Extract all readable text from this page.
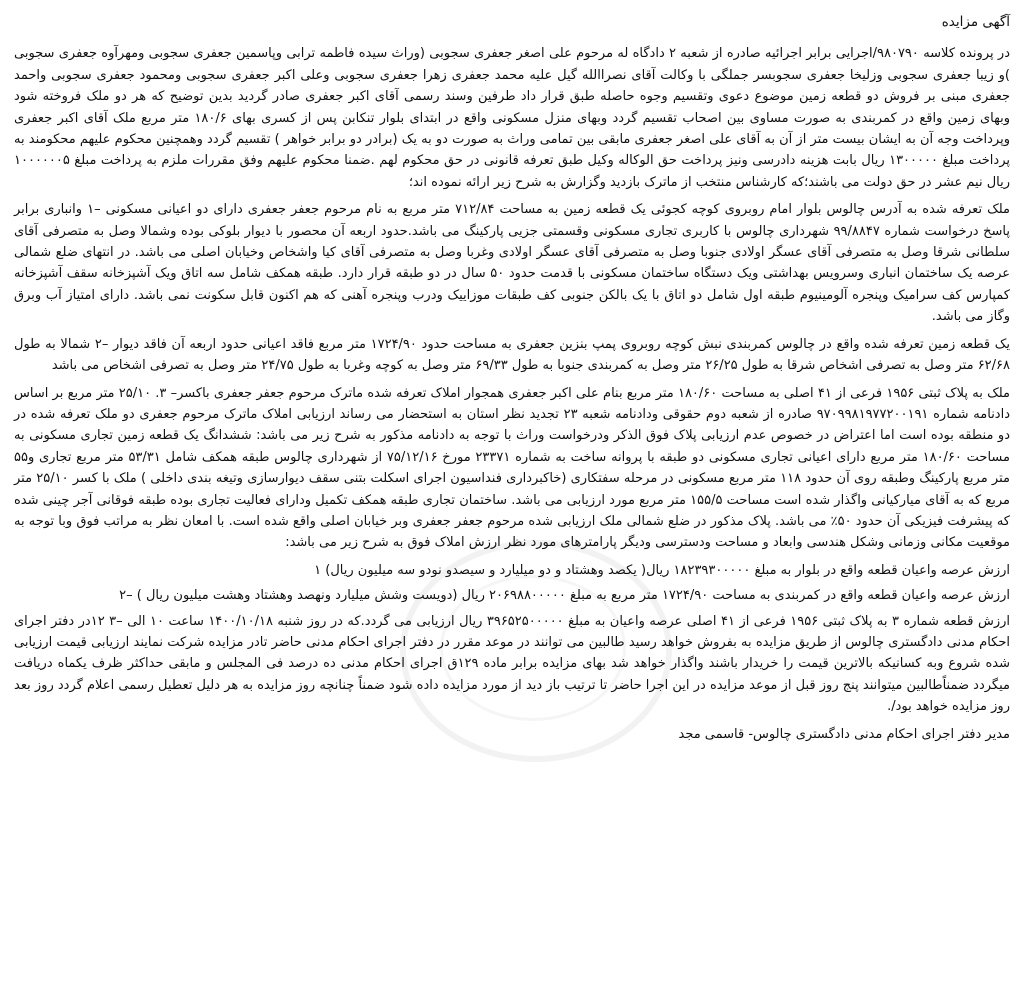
آگهی مزایده

در پرونده کلاسه ۹۸۰۷۹۰/اجرایی برابر اجرائیه صادره از شعبه ۲ دادگاه له مرحوم علی اصغر جعفری سجوبی (وراث سیده فاطمه ترابی وپاسمین جعفری سجوبی ومهرآوه جعفری سجوبی )و زیبا جعفری سجوبی وزلیخا جعفری سجوبسر جملگی با وکالت آقای نصراالله گیل علیه محمد جعفری زهرا جعفری سجوبی وعلی اکبر جعفری سجوبی ومحمود جعفری سجوبی واحمد جعفری مبنی بر فروش دو قطعه زمین موضوع دعوی وتقسیم وجوه حاصله طبق قرار داد طرفین وسند رسمی آقای اکبر جعفری صادر گردید بدین توضیح که هر دو ملک فروخته شود وبهای زمین واقع در کمربندی به صورت مساوی بین اصحاب تقسیم گردد وبهای منزل مسکونی واقع در ابتدای بلوار تنکابن پس از کسری بهای ۱۸۰/۶ متر مربع ملک آقای اکبر جعفری وپرداخت وجه آن به ایشان بیست متر از آن به آقای علی اصغر جعفری مابقی بین تمامی وراث به صورت دو به یک (برادر دو برابر خواهر ) تقسیم گردد وهمچنین محکوم علیهم محکومند به پرداخت مبلغ ۱۳۰۰۰۰۰ ریال بابت هزینه دادرسی ونیز پرداخت حق الوکاله وکیل طبق تعرفه قانونی در حق محکوم لهم .ضمنا محکوم علیهم وفق مقررات ملزم به پرداخت مبلغ ۱۰۰۰۰۰۰۵ ریال نیم عشر در حق دولت می باشند؛که کارشناس منتخب از ماترک بازدید وگزارش به شرح زیر ارائه نموده اند؛

ملک تعرفه شده به آدرس چالوس بلوار امام روبروی کوچه کجوئی یک قطعه زمین به مساحت ۷۱۲/۸۴ متر مربع به نام مرحوم جعفر جعفری دارای دو اعیانی مسکونی –۱ وانباری برابر پاسخ درخواست شماره ۹۹/۸۸۴۷ شهرداری چالوس با کاربری تجاری مسکونی وقسمتی جزیی پارکینگ می باشد.حدود اربعه آن محصور با دیوار بلوکی بوده وشمالا وصل به متصرفی آقای سلطانی شرقا وصل به متصرفی آقای عسگر اولادی جنوبا وصل به متصرفی آقای عسگر اولادی وغربا وصل به متصرفی آقای کیا واشخاص وخیابان اصلی می باشد. در انتهای ضلع شمالی عرصه یک ساختمان انباری وسرویس بهداشتی ویک دستگاه ساختمان مسکونی با قدمت حدود ۵۰ سال در دو طبقه قرار دارد. طبقه همکف شامل سه اتاق ویک آشپزخانه سقف آشپزخانه کمپارس کف سرامیک وپنجره آلومینیوم طبقه اول شامل دو اتاق با یک بالکن جنوبی کف طبقات موزاییک ودرب وپنجره آهنی که هم اکنون قابل سکونت نمی باشد. دارای امتیاز آب وبرق وگاز می باشد.

یک قطعه زمین تعرفه شده واقع در چالوس کمربندی نبش کوچه روبروی پمپ بنزین جعفری به مساحت حدود ۱۷۲۴/۹۰ متر مربع فاقد اعیانی حدود اربعه آن فاقد دیوار –۲ شمالا به طول ۶۲/۶۸ متر وصل به تصرفی اشخاص شرقا به طول ۲۶/۲۵ متر وصل به کمربندی جنوبا به طول ۶۹/۳۳ متر وصل به کوچه وغربا به طول ۲۴/۷۵ متر وصل به تصرفی اشخاص می باشد

ملک به پلاک ثبتی ۱۹۵۶ فرعی از ۴۱ اصلی به مساحت ۱۸۰/۶۰ متر مربع بنام علی اکبر جعفری همجوار املاک تعرفه شده ماترک مرحوم جعفر جعفری باکسر– ۳. ۲۵/۱۰ متر مربع بر اساس دادنامه شماره ۹۷۰۹۹۸۱۹۷۷۲۰۰۱۹۱ صادره از شعبه دوم حقوقی ودادنامه شعبه ۲۳ تجدید نظر استان به استحضار می رساند ارزیابی املاک ماترک مرحوم جعفری دو ملک تعرفه شده در دو منطقه بوده است اما اعتراض در خصوص عدم ارزیابی پلاک فوق الذکر ودرخواست وراث با توجه به دادنامه مذکور به شرح زیر می باشد: ششدانگ یک قطعه زمین تجاری مسکونی به مساحت ۱۸۰/۶۰ متر مربع دارای اعیانی تجاری مسکونی دو طبقه با پروانه ساخت به شماره ۲۳۳۷۱ مورخ ۷۵/۱۲/۱۶ از شهرداری چالوس طبقه همکف شامل ۵۳/۳۱ متر مربع تجاری و۵۵ متر مربع پارکینگ وطبقه روی آن حدود ۱۱۸ متر مربع مسکونی در مرحله سفتکاری (خاکبرداری فنداسیون اجرای اسکلت بتنی سقف دیوارسازی وتیغه بندی داخلی ) ملک با کسر ۲۵/۱۰ متر مربع که به آقای میارکیانی واگذار شده است مساحت ۱۵۵/۵ متر مربع مورد ارزیابی می باشد. ساختمان تجاری طبقه همکف تکمیل ودارای فعالیت تجاری بوده طبقه فوقانی آجر چینی شده که پیشرفت فیزیکی آن حدود ۵۰٪ می باشد. پلاک مذکور در ضلع شمالی ملک ارزیابی شده مرحوم جعفر جعفری وبر خیابان اصلی واقع شده است. با امعان نظر به مراتب فوق وبا توجه به موقعیت مکانی وزمانی وشکل هندسی وابعاد و مساحت ودسترسی ودیگر پارامترهای مورد نظر ارزش املاک فوق به شرح زیر می باشد:

ارزش عرصه واعیان قطعه واقع در بلوار به مبلغ ۱۸۲۳۹۳۰۰۰۰۰ ریال( یکصد وهشتاد و دو میلیارد و سیصدو نودو سه میلیون ریال) ۱

ارزش عرصه واعیان قطعه واقع در کمربندی به مساحت ۱۷۲۴/۹۰ متر مربع به مبلغ ۲۰۶۹۸۸۰۰۰۰۰ ریال (دویست وشش میلیارد ونهصد وهشتاد وهشت میلیون ریال ) –۲

ارزش قطعه شماره ۳ به پلاک ثبتی ۱۹۵۶ فرعی از ۴۱ اصلی عرصه واعیان به مبلغ ۳۹۶۵۲۵۰۰۰۰۰ ریال ارزیابی می گردد.که در روز شنبه ۱۴۰۰/۱۰/۱۸ ساعت ۱۰ الی –۳ ۱۲در دفتر اجرای احکام مدنی دادگستری چالوس از طریق مزایده به بفروش خواهد رسید طالبین می توانند در موعد مقرر در دفتر اجرای احکام مدنی حاضر تادر مزایده شرکت نمایند ارزیابی قیمت ارزیابی شده شروع وبه کسانیکه بالاترین قیمت را خریدار باشند واگذار خواهد شد بهای مزایده برابر ماده ۱۲۹ق اجرای احکام مدنی ده درصد فی المجلس و مابقی حداکثر ظرف یکماه دریافت میگردد ضمناًطالبین میتوانند پنج روز قبل از موعد مزایده در این اجرا حاضر تا ترتیب باز دید از مورد مزایده داده شود ضمناً چنانچه روز مزایده به هر دلیل تعطیل رسمی اعلام گردد روز بعد روز مزایده خواهد بود/.

مدیر دفتر اجرای احکام مدنی دادگستری چالوس- قاسمی مجد
